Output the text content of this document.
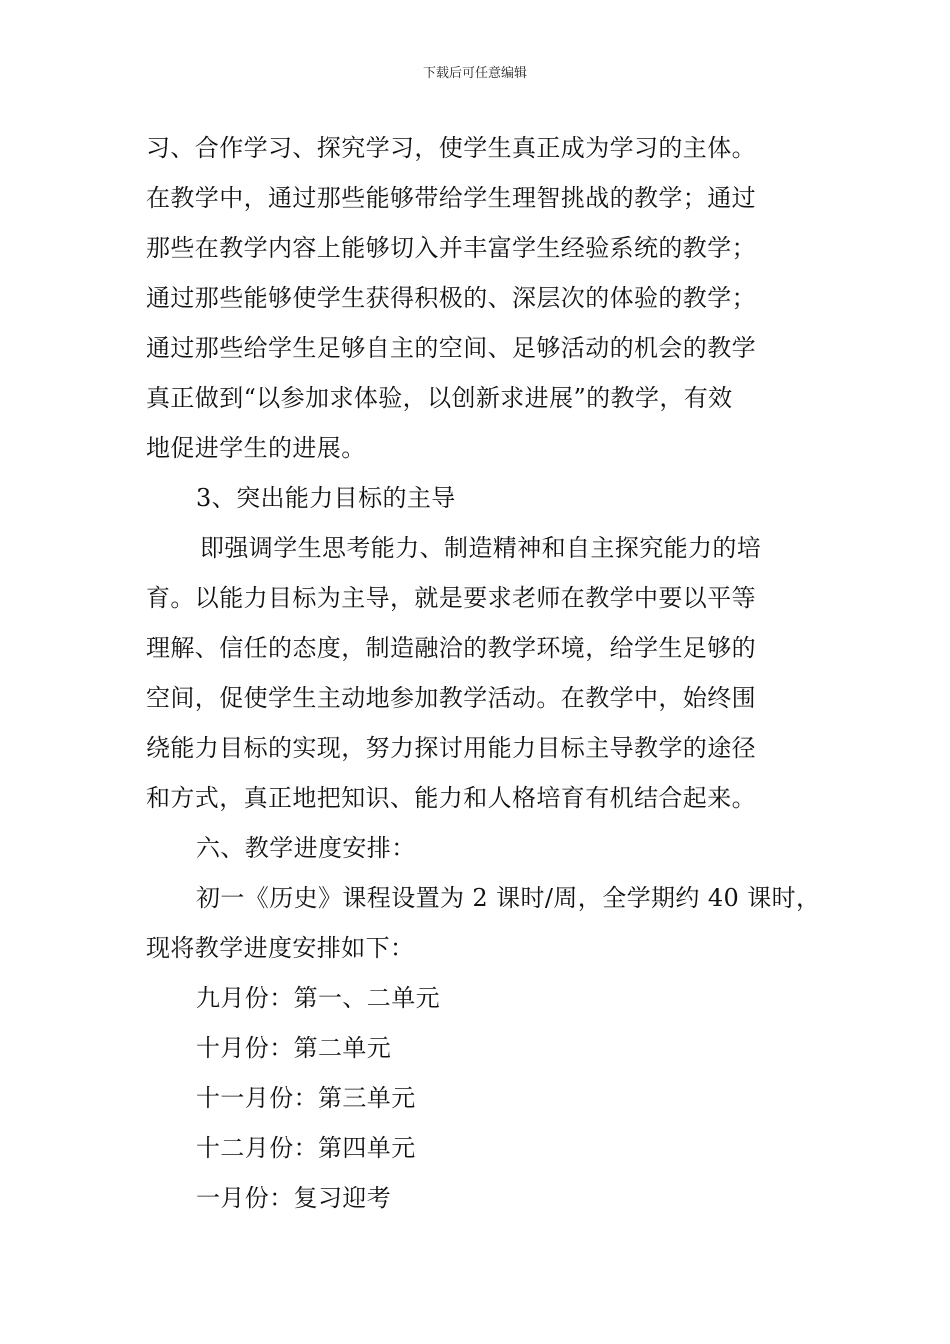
下载后可任意编辑
习、合作学习、探究学习，使学生真正成为学习的主体。
在教学中，通过那些能够带给学生理智挑战的教学；通过
那些在教学内容上能够切入并丰富学生经验系统的教学；
通过那些能够使学生获得积极的、深层次的体验的教学；
通过那些给学生足够自主的空间、足够活动的机会的教学
真正做到“以参加求体验，以创新求进展”的教学，有效
地促进学生的进展。
3、突出能力目标的主导
即强调学生思考能力、制造精神和自主探究能力的培
育。以能力目标为主导，就是要求老师在教学中要以平等
理解、信任的态度，制造融洽的教学环境，给学生足够的
空间，促使学生主动地参加教学活动。在教学中，始终围
绕能力目标的实现，努力探讨用能力目标主导教学的途径
和方式，真正地把知识、能力和人格培育有机结合起来。
六、教学进度安排：
初一《历史》课程设置为 2 课时/周，全学期约 40 课时，
现将教学进度安排如下：
九月份：第一、二单元
十月份：第二单元
十一月份：第三单元
十二月份：第四单元
一月份：复习迎考
